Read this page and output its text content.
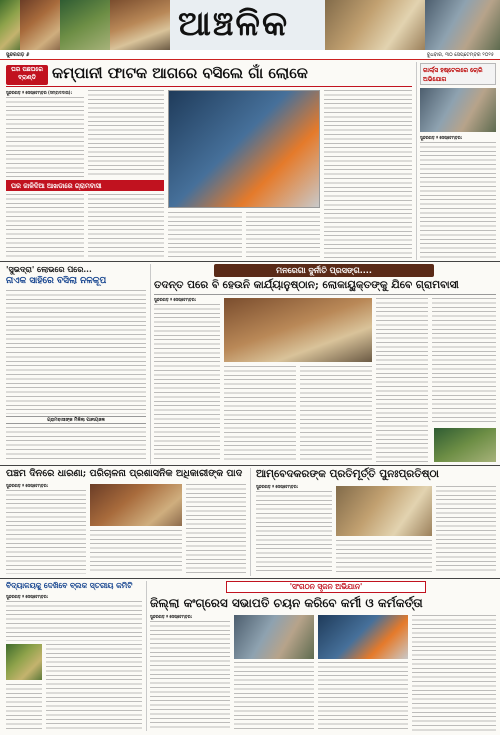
ଆଞ୍ଚଳିକ
ସୁନ୍ଦରଗଡ଼ ୬	ବୁଧବାର, ୩୦ ସେପ୍ଟେମ୍ବର ୨୦୨୫
ଘର ପଛଘରେ ବ୍ରାଣ୍ଡି	କମ୍ପାନୀ ଫାଟକ ଆଗରେ ବସିଲେ ଗାଁ ଲୋକେ
ସୁନ୍ଦରଗଡ଼ ୨ ସେପ୍ଟେମ୍ବର (ସମ୍ବାଦଦାତା):
ଘର ଜାଳିଦିଆ ଆଖଡାରେ ଗ୍ରାମବାସୀ
ଗାର୍ଲ୍ସ ହଷ୍ଟେଲରେ ଚୋରି ଅଭିଯୋଗ
ସୁନ୍ଦରଗଡ଼ ୨ ସେପ୍ଟେମ୍ବର:
'ସୁଭଦ୍ରା' ଲୋଭରେ ପରେ...
ନାଏକ ସାହିରେ ବସିଲା ନଳକୂପ
ଗ୍ରାମବାସୀଙ୍କ ମିଳିଲା ପାନୀୟଜଳ
ମନରେଗା ଦୁର୍ନୀତି ପ୍ରସଙ୍ଗ....
ତଦନ୍ତ ପରେ ବି ହେଉନି କାର୍ଯ୍ୟାନୁଷ୍ଠାନ; ଲୋକାୟୁକ୍ତଙ୍କୁ ଯିବେ ଗ୍ରାମବାସୀ
ସୁନ୍ଦରଗଡ଼ ୨ ସେପ୍ଟେମ୍ବର:
ପଞ୍ଚମ ଦିନରେ ଧାରଣା; ପରିଚାଳନା ପ୍ରଶାସନିକ ଅଧିକାରୀଙ୍କ ପାଦ
ସୁନ୍ଦରଗଡ଼ ୨ ସେପ୍ଟେମ୍ବର:
ଆମ୍ବେଦକରଙ୍କ ପ୍ରତିମୂର୍ତ୍ତି ପୁନଃପ୍ରତିଷ୍ଠା
ସୁନ୍ଦରଗଡ଼ ୨ ସେପ୍ଟେମ୍ବର:
ବିଦ୍ୟାଳୟକୁ ଦେଖିବେ ବ୍ଲକ ସ୍ତରୀୟ କମିଟି
ସୁନ୍ଦରଗଡ଼ ୨ ସେପ୍ଟେମ୍ବର:
'ସଂଗଠନ ସୃଜନ ଅଭିଯାନ'
ଜିଲ୍ଲା କଂଗ୍ରେସ ସଭାପତି ଚୟନ କରିବେ କର୍ମୀ ଓ କର୍ମକର୍ତ୍ତା
ସୁନ୍ଦରଗଡ଼ ୨ ସେପ୍ଟେମ୍ବର:
